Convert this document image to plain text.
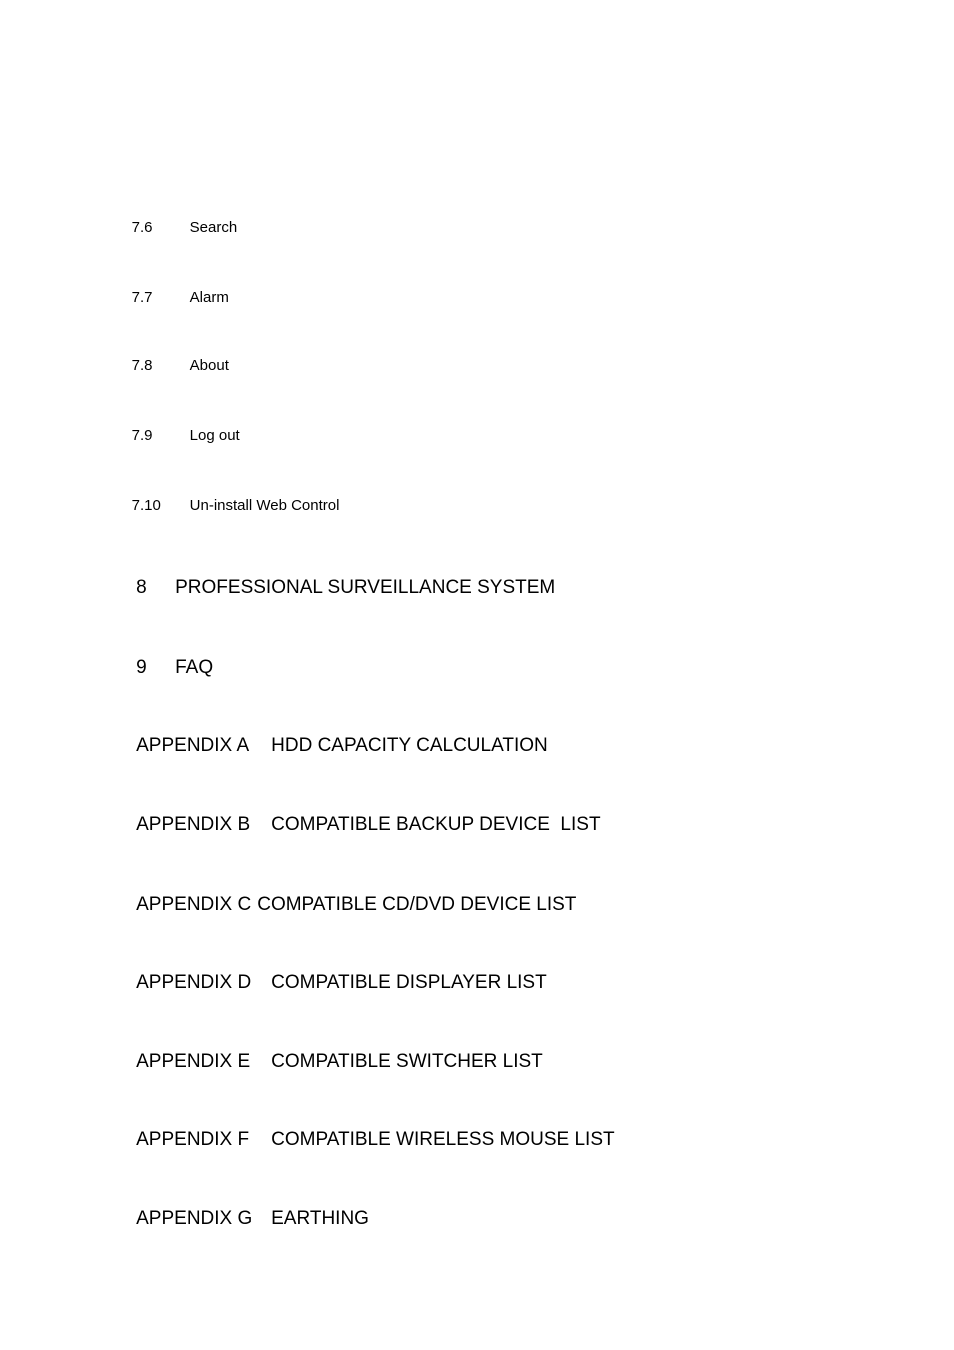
7.6 Search

7.7 Alarm

7.8 About

7.9 Log out

7.10 Un-install Web Control

8 PROFESSIONAL SURVEILLANCE SYSTEM

9 FAQ

APPENDIX A HDD CAPACITY CALCULATION

APPENDIX B COMPATIBLE BACKUP DEVICE  LIST

APPENDIX C COMPATIBLE CD/DVD DEVICE LIST

APPENDIX D COMPATIBLE DISPLAYER LIST

APPENDIX E COMPATIBLE SWITCHER LIST

APPENDIX F COMPATIBLE WIRELESS MOUSE LIST

APPENDIX G EARTHING
